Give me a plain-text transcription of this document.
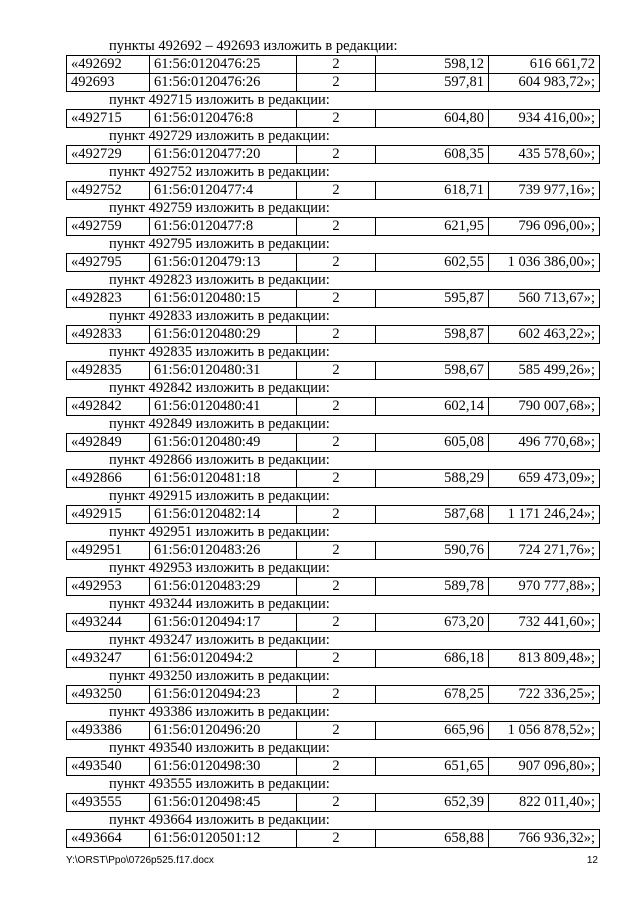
пункты 492692 – 492693 изложить в редакции:
«492692	61:56:0120476:25	2	598,12	616 661,72
492693	61:56:0120476:26	2	597,81	604 983,72»;
пункт 492715 изложить в редакции:
«492715	61:56:0120476:8	2	604,80	934 416,00»;
пункт 492729 изложить в редакции:
«492729	61:56:0120477:20	2	608,35	435 578,60»;
пункт 492752 изложить в редакции:
«492752	61:56:0120477:4	2	618,71	739 977,16»;
пункт 492759 изложить в редакции:
«492759	61:56:0120477:8	2	621,95	796 096,00»;
пункт 492795 изложить в редакции:
«492795	61:56:0120479:13	2	602,55	1 036 386,00»;
пункт 492823 изложить в редакции:
«492823	61:56:0120480:15	2	595,87	560 713,67»;
пункт 492833 изложить в редакции:
«492833	61:56:0120480:29	2	598,87	602 463,22»;
пункт 492835 изложить в редакции:
«492835	61:56:0120480:31	2	598,67	585 499,26»;
пункт 492842 изложить в редакции:
«492842	61:56:0120480:41	2	602,14	790 007,68»;
пункт 492849 изложить в редакции:
«492849	61:56:0120480:49	2	605,08	496 770,68»;
пункт 492866 изложить в редакции:
«492866	61:56:0120481:18	2	588,29	659 473,09»;
пункт 492915 изложить в редакции:
«492915	61:56:0120482:14	2	587,68	1 171 246,24»;
пункт 492951 изложить в редакции:
«492951	61:56:0120483:26	2	590,76	724 271,76»;
пункт 492953 изложить в редакции:
«492953	61:56:0120483:29	2	589,78	970 777,88»;
пункт 493244 изложить в редакции:
«493244	61:56:0120494:17	2	673,20	732 441,60»;
пункт 493247 изложить в редакции:
«493247	61:56:0120494:2	2	686,18	813 809,48»;
пункт 493250 изложить в редакции:
«493250	61:56:0120494:23	2	678,25	722 336,25»;
пункт 493386 изложить в редакции:
«493386	61:56:0120496:20	2	665,96	1 056 878,52»;
пункт 493540 изложить в редакции:
«493540	61:56:0120498:30	2	651,65	907 096,80»;
пункт 493555 изложить в редакции:
«493555	61:56:0120498:45	2	652,39	822 011,40»;
пункт 493664 изложить в редакции:
«493664	61:56:0120501:12	2	658,88	766 936,32»;
Y:\ORST\Ppo\0726p525.f17.docx	12
